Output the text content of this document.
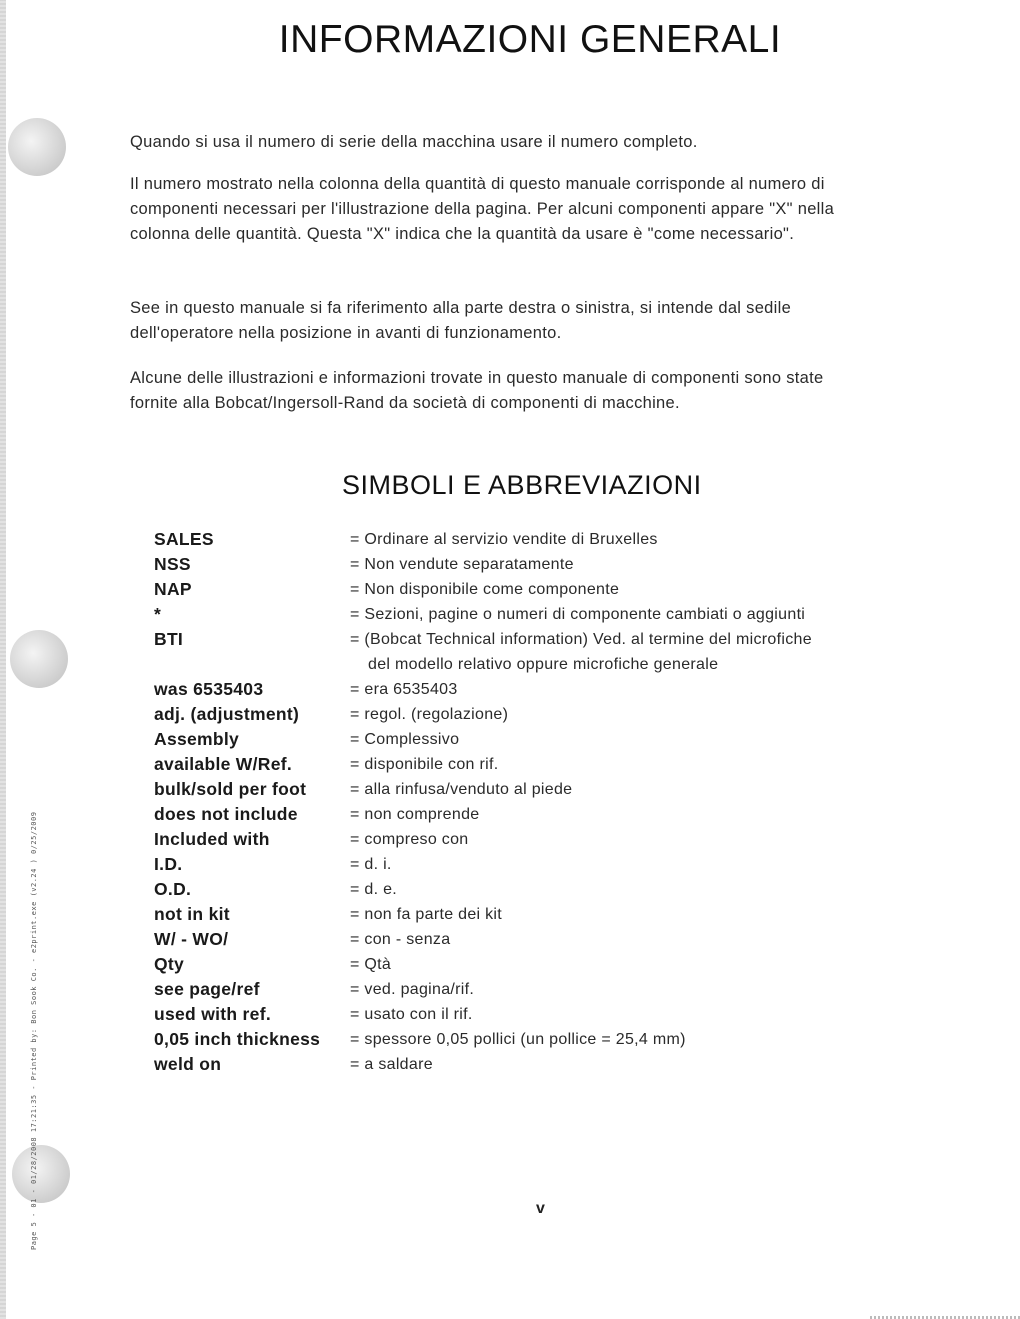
Page 5 - 01 - 01/28/2008 17:21:35 - Printed by: Bon Sook Co. - e2print.exe (v2.24 ) 0/25/2009
INFORMAZIONI GENERALI

Quando si usa il numero di serie della macchina usare il numero completo.

Il numero mostrato nella colonna della quantità di questo manuale corrisponde al numero di componenti necessari per l'illustrazione della pagina. Per alcuni componenti appare "X" nella colonna delle quantità. Questa "X" indica che la quantità da usare è "come necessario".

See in questo manuale si fa riferimento alla parte destra o sinistra, si intende dal sedile dell'operatore nella posizione in avanti di funzionamento.

Alcune delle illustrazioni e informazioni trovate in questo manuale di componenti sono state fornite alla Bobcat/Ingersoll-Rand da società di componenti di macchine.

SIMBOLI E ABBREVIAZIONI
SALES	= Ordinare al servizio vendite di Bruxelles
NSS	= Non vendute separatamente
NAP	= Non disponibile come componente
*	= Sezioni, pagine o numeri di componente cambiati o aggiunti
BTI	= (Bobcat Technical information) Ved. al termine del microfiche
del modello relativo oppure microfiche generale
was 6535403	= era 6535403
adj. (adjustment)	= regol. (regolazione)
Assembly	= Complessivo
available W/Ref.	= disponibile con rif.
bulk/sold per foot	= alla rinfusa/venduto al piede
does not include	= non comprende
Included with	= compreso con
I.D.	= d. i.
O.D.	= d. e.
not in kit	= non fa parte dei kit
W/ - WO/	= con - senza
Qty	= Qtà
see page/ref	= ved. pagina/rif.
used with ref.	= usato con il rif.
0,05 inch thickness	= spessore 0,05 pollici (un pollice = 25,4 mm)
weld on	= a saldare
v
